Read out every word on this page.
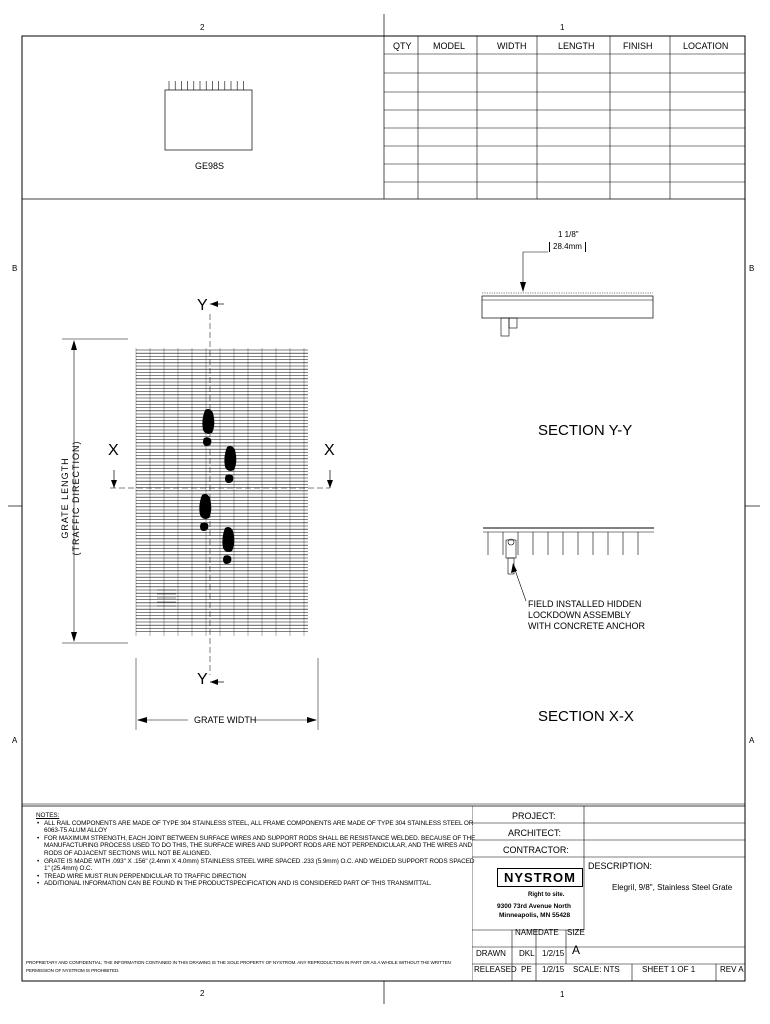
2	1
2	1
B
A
B
A
QTY MODEL	WIDTH	LENGTH	FINISH	LOCATION
GE98S
Y
Y
X	X
GRATE LENGTH (TRAFFIC DIRECTION)
GRATE WIDTH
1 1/8"
28.4mm
SECTION Y-Y
FIELD INSTALLED HIDDEN
LOCKDOWN ASSEMBLY
WITH CONCRETE ANCHOR
SECTION X-X
NOTES:
• ALL RAIL COMPONENTS ARE MADE OF TYPE 304 STAINLESS STEEL, ALL FRAME COMPONENTS ARE MADE OF TYPE 304 STAINLESS STEEL OR 6063-T5 ALUM ALLOY
• FOR MAXIMUM STRENGTH, EACH JOINT BETWEEN SURFACE WIRES AND SUPPORT RODS SHALL BE RESISTANCE WELDED. BECAUSE OF THE MANUFACTURING PROCESS USED TO DO THIS, THE SURFACE WIRES AND SUPPORT RODS ARE NOT PERPENDICULAR, AND THE WIRES AND RODS OF ADJACENT SECTIONS WILL NOT BE ALIGNED.
• GRATE IS MADE WITH .093" X .156" (2.4mm X 4.0mm) STAINLESS STEEL WIRE SPACED .233 (5.9mm) O.C. AND WELDED SUPPORT RODS SPACED 1" (25.4mm) O.C.
• TREAD WIRE MUST RUN PERPENDICULAR TO TRAFFIC DIRECTION
• ADDITIONAL INFORMATION CAN BE FOUND IN THE PRODUCTSPECIFICATION AND IS CONSIDERED PART OF THIS TRANSMITTAL.
PROPRIETARY AND CONFIDENTIAL: THE INFORMATION CONTAINED IN THIS DRAWING IS THE SOLE PROPERTY OF NYSTROM. ANY REPRODUCTION IN PART OR AS A WHOLE WITHOUT THE WRITTEN PERMISSION OF NYSTROM IS PROHIBITED.
PROJECT:
ARCHITECT:
CONTRACTOR:
NYSTROM
Right to site.
9300 73rd Avenue North
Minneapolis, MN 55428
DESCRIPTION:
Elegril, 9/8", Stainless Steel Grate
NAME DATE SIZE
A
DRAWN DKL 1/2/15
RELEASED PE 1/2/15 SCALE: NTS	SHEET 1 OF 1	REV A
